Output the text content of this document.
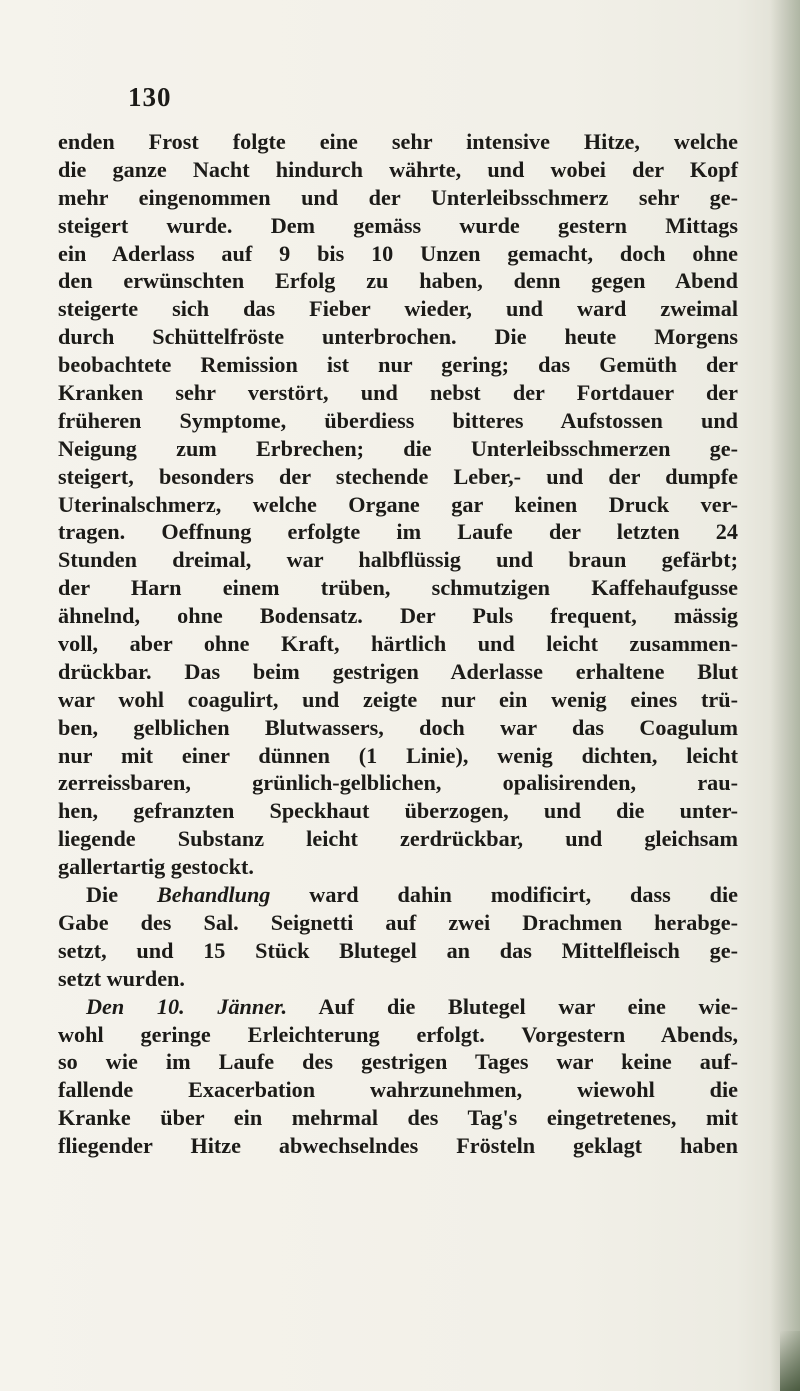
130
enden Frost folgte eine sehr intensive Hitze, welche
die ganze Nacht hindurch währte, und wobei der Kopf
mehr eingenommen und der Unterleibsschmerz sehr ge-
steigert wurde. Dem gemäss wurde gestern Mittags
ein Aderlass auf 9 bis 10 Unzen gemacht, doch ohne
den erwünschten Erfolg zu haben, denn gegen Abend
steigerte sich das Fieber wieder, und ward zweimal
durch Schüttelfröste unterbrochen. Die heute Morgens
beobachtete Remission ist nur gering; das Gemüth der
Kranken sehr verstört, und nebst der Fortdauer der
früheren Symptome, überdiess bitteres Aufstossen und
Neigung zum Erbrechen; die Unterleibsschmerzen ge-
steigert, besonders der stechende Leber,- und der dumpfe
Uterinalschmerz, welche Organe gar keinen Druck ver-
tragen. Oeffnung erfolgte im Laufe der letzten 24
Stunden dreimal, war halbflüssig und braun gefärbt;
der Harn einem trüben, schmutzigen Kaffehaufgusse
ähnelnd, ohne Bodensatz. Der Puls frequent, mässig
voll, aber ohne Kraft, härtlich und leicht zusammen-
drückbar. Das beim gestrigen Aderlasse erhaltene Blut
war wohl coagulirt, und zeigte nur ein wenig eines trü-
ben, gelblichen Blutwassers, doch war das Coagulum
nur mit einer dünnen (1 Linie), wenig dichten, leicht
zerreissbaren, grünlich-gelblichen, opalisirenden, rau-
hen, gefranzten Speckhaut überzogen, und die unter-
liegende Substanz leicht zerdrückbar, und gleichsam
gallertartig gestockt.
Die Behandlung ward dahin modificirt, dass die
Gabe des Sal. Seignetti auf zwei Drachmen herabge-
setzt, und 15 Stück Blutegel an das Mittelfleisch ge-
setzt wurden.
Den 10. Jänner. Auf die Blutegel war eine wie-
wohl geringe Erleichterung erfolgt. Vorgestern Abends,
so wie im Laufe des gestrigen Tages war keine auf-
fallende Exacerbation wahrzunehmen, wiewohl die
Kranke über ein mehrmal des Tag's eingetretenes, mit
fliegender Hitze abwechselndes Frösteln geklagt haben
